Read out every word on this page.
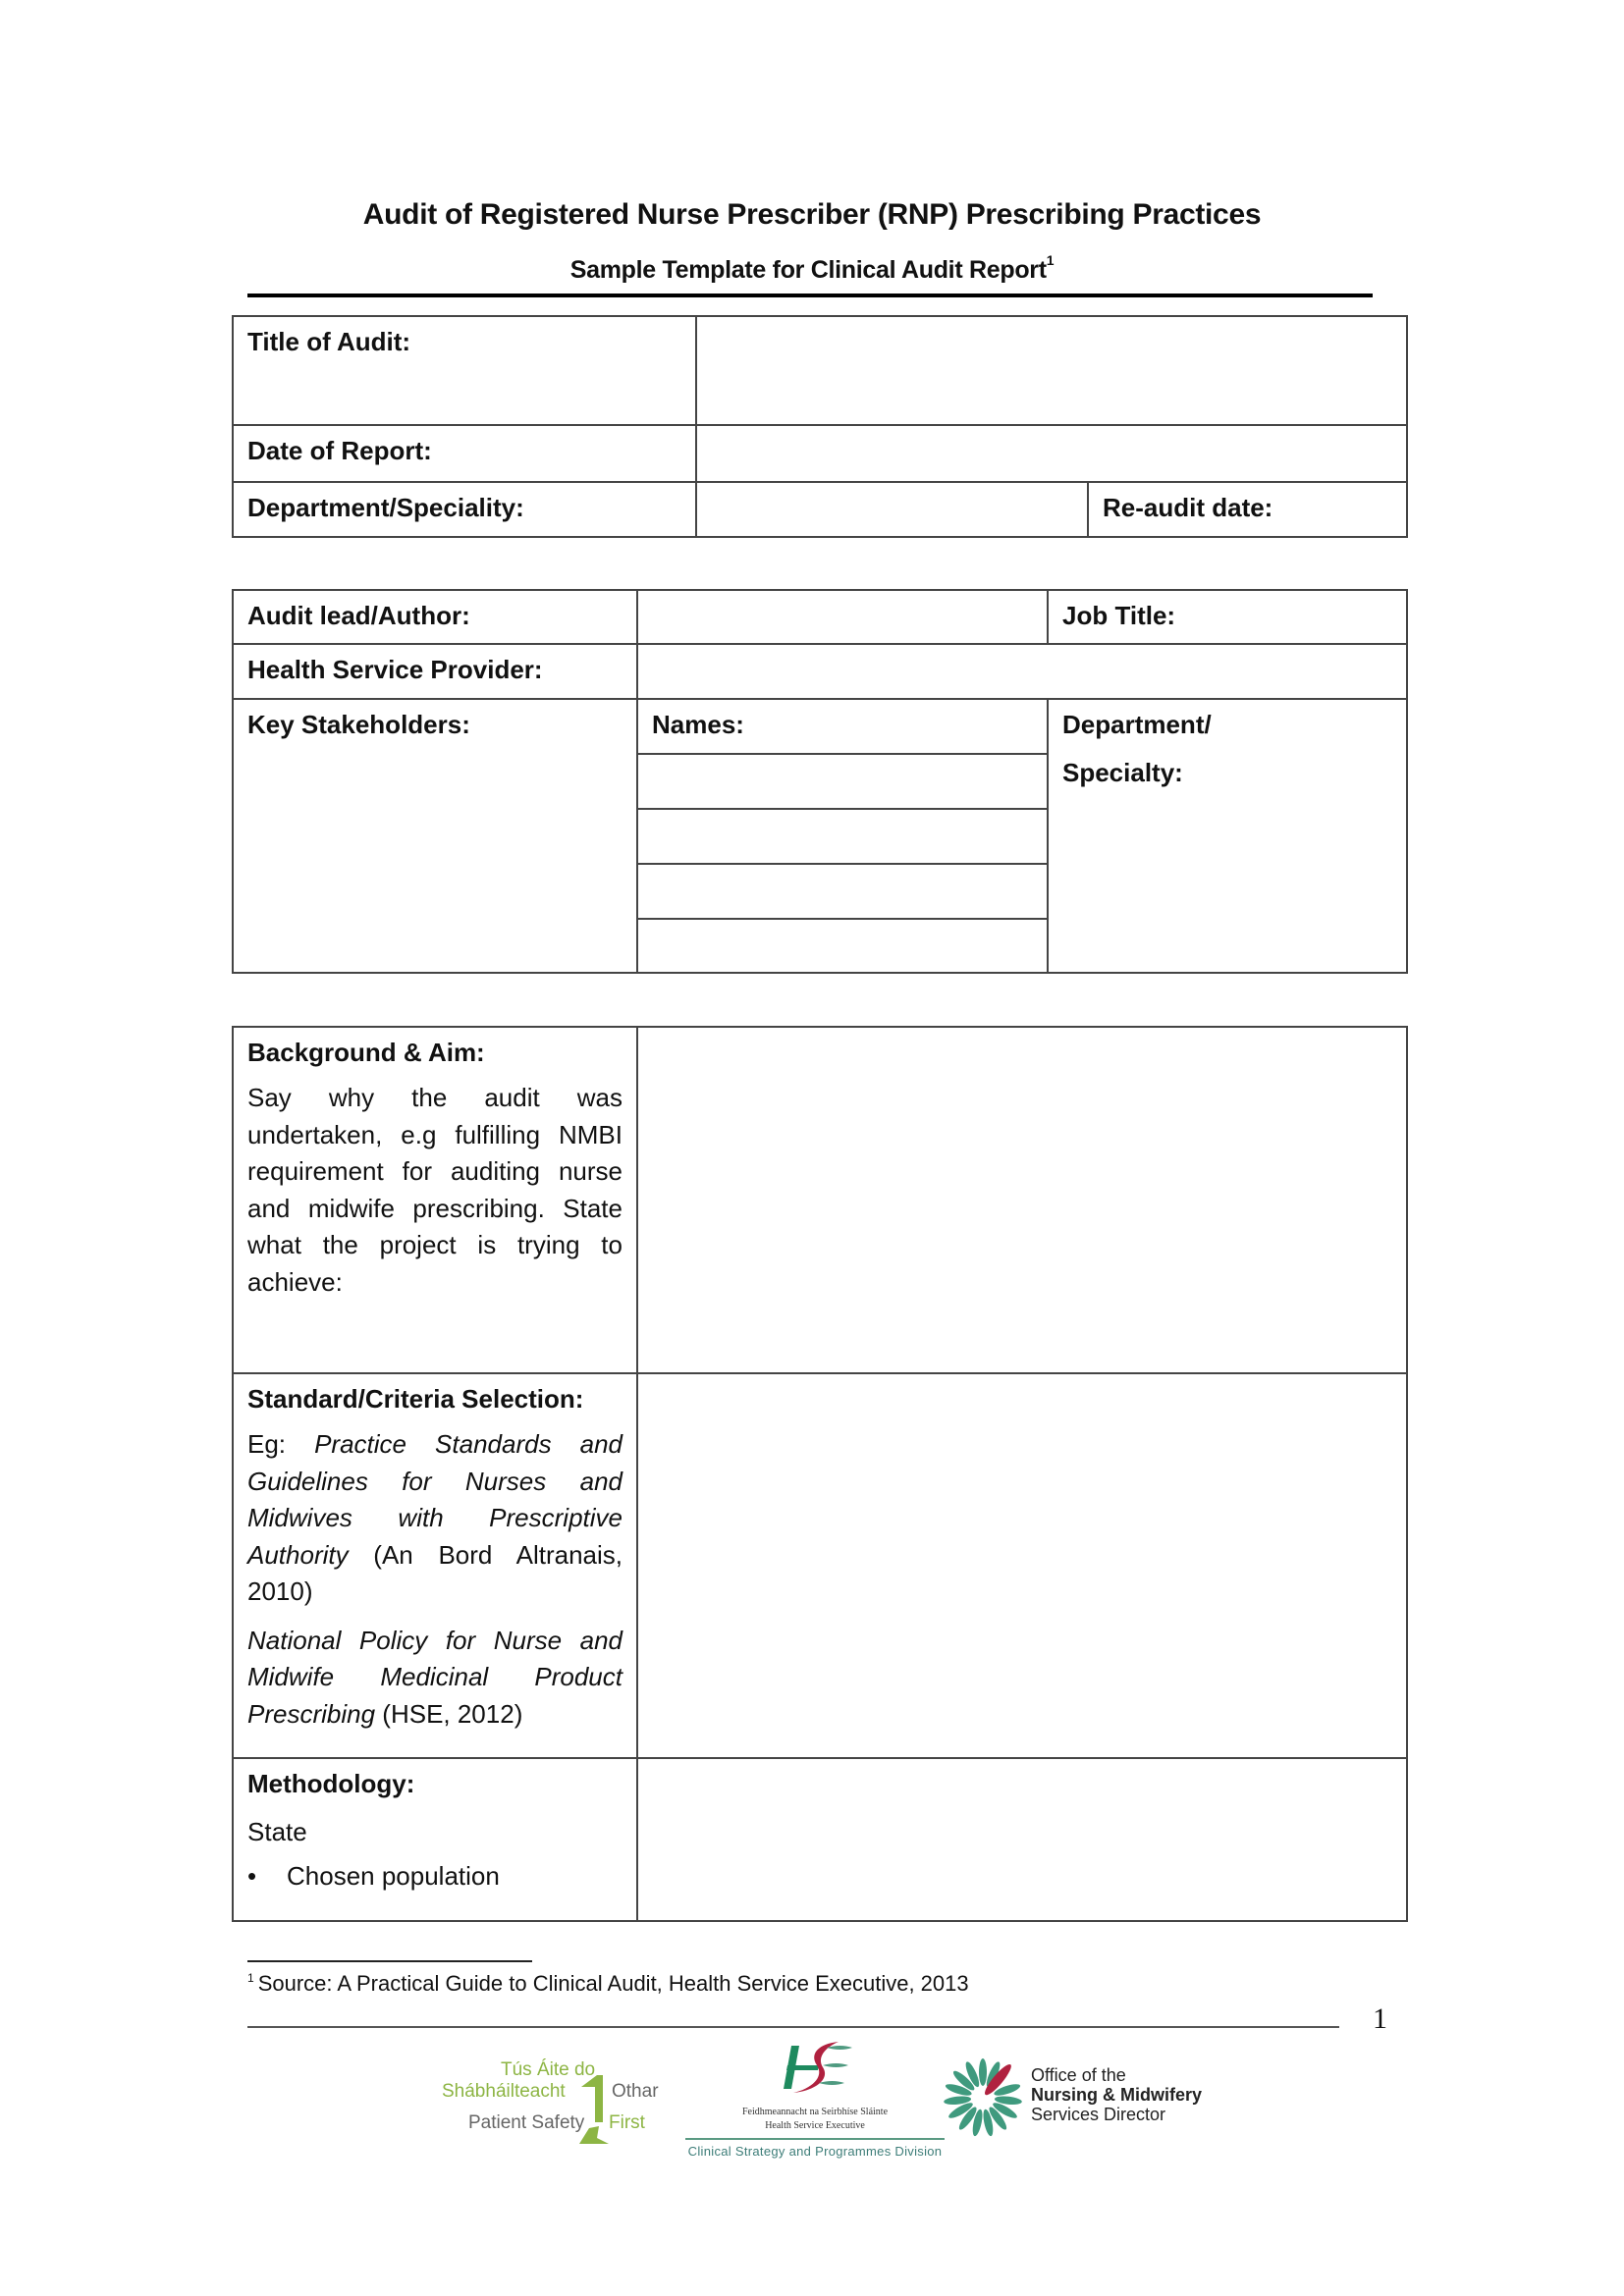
Audit of Registered Nurse Prescriber (RNP) Prescribing Practices
Sample Template for Clinical Audit Report$^1$
Title of Audit:		

Date of Report:		

Department/Speciality:		Re-audit date:
Audit lead/Author:		Job Title:

Health Service Provider:		

Key Stakeholders:	Names:	Department/
Specialty:

Background & Aim:

Say why the audit was undertaken, e.g fulfilling NMBI requirement for auditing nurse and midwife prescribing. State what the project is trying to achieve:	

Standard/Criteria Selection:

Eg: Practice Standards and Guidelines for Nurses and Midwives with Prescriptive Authority (An Bord Altranais, 2010)

National Policy for Nurse and Midwife Medicinal Product Prescribing (HSE, 2012)	

Methodology:
State
• Chosen population	

$^1$ Source: A Practical Guide to Clinical Audit, Health Service Executive, 2013
1
Tús Áite do
Shábháilteacht Othar
Patient Safety First
Feidhmeannacht na Seirbhíse Sláinte
Health Service Executive
Clinical Strategy and Programmes Division
Office of the
Nursing & Midwifery
Services Director
